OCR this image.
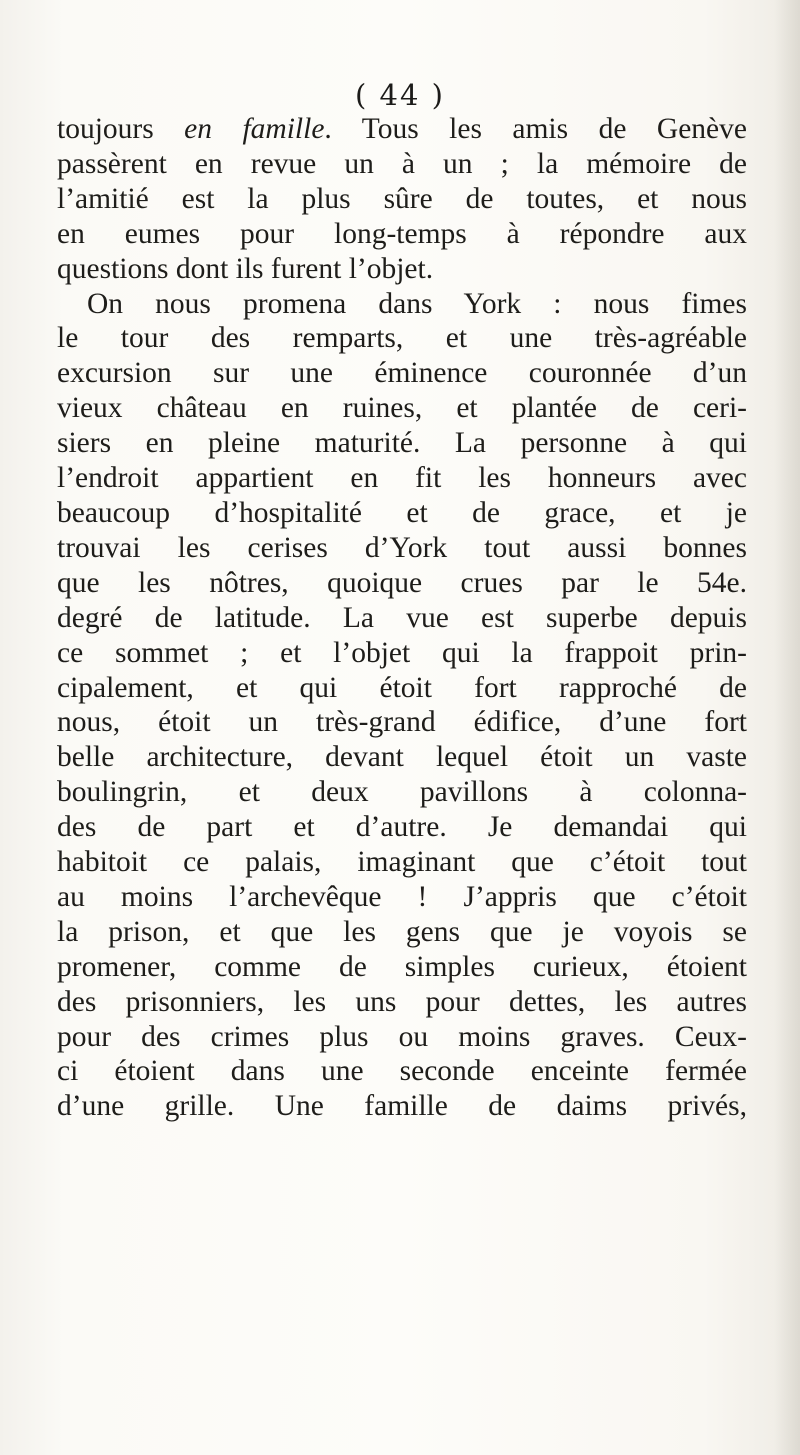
( 44 )
toujours en famille. Tous les amis de Genève
passèrent en revue un à un ; la mémoire de
l’amitié est la plus sûre de toutes, et nous
en eumes pour long-temps à répondre aux
questions dont ils furent l’objet.
On nous promena dans York : nous fimes
le tour des remparts, et une très-agréable
excursion sur une éminence couronnée d’un
vieux château en ruines, et plantée de ceri-
siers en pleine maturité. La personne à qui
l’endroit appartient en fit les honneurs avec
beaucoup d’hospitalité et de grace, et je
trouvai les cerises d’York tout aussi bonnes
que les nôtres, quoique crues par le 54e.
degré de latitude. La vue est superbe depuis
ce sommet ; et l’objet qui la frappoit prin-
cipalement, et qui étoit fort rapproché de
nous, étoit un très-grand édifice, d’une fort
belle architecture, devant lequel étoit un vaste
boulingrin, et deux pavillons à colonna-
des de part et d’autre. Je demandai qui
habitoit ce palais, imaginant que c’étoit tout
au moins l’archevêque ! J’appris que c’étoit
la prison, et que les gens que je voyois se
promener, comme de simples curieux, étoient
des prisonniers, les uns pour dettes, les autres
pour des crimes plus ou moins graves. Ceux-
ci étoient dans une seconde enceinte fermée
d’une grille. Une famille de daims privés,
